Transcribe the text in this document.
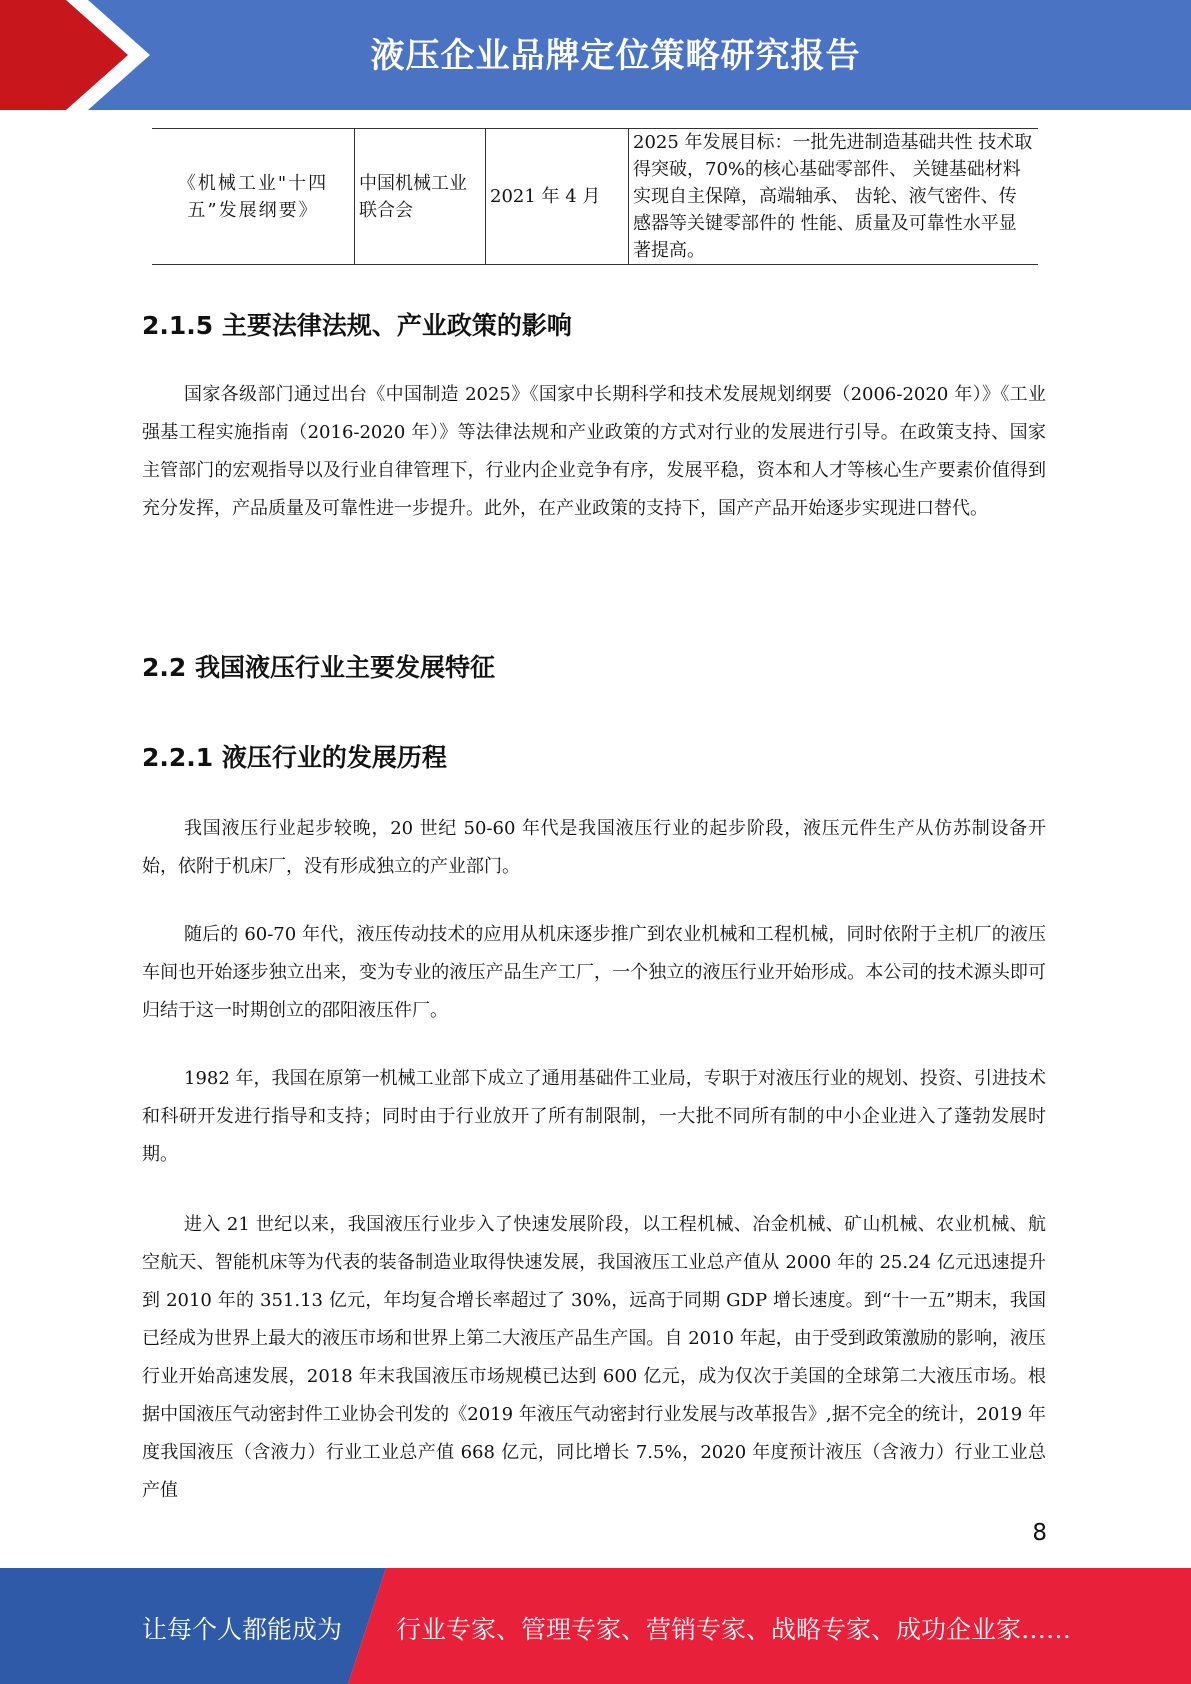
液压企业品牌定位策略研究报告
《机械工业"十四五”发展纲要》	中国机械工业联合会	2021 年 4 月	2025 年发展目标：一批先进制造基础共性 技术取得突破，70%的核心基础零部件、 关键基础材料实现自主保障，高端轴承、 齿轮、液气密件、传感器等关键零部件的 性能、质量及可靠性水平显著提高。
2.1.5 主要法律法规、产业政策的影响

国家各级部门通过出台《中国制造 2025》《国家中长期科学和技术发展规划纲要（2006-2020 年）》《工业强基工程实施指南（2016-2020 年）》等法律法规和产业政策的方式对行业的发展进行引导。在政策支持、国家主管部门的宏观指导以及行业自律管理下，行业内企业竞争有序，发展平稳，资本和人才等核心生产要素价值得到充分发挥，产品质量及可靠性进一步提升。此外，在产业政策的支持下，国产产品开始逐步实现进口替代。

2.2 我国液压行业主要发展特征
2.2.1 液压行业的发展历程

我国液压行业起步较晚，20 世纪 50-60 年代是我国液压行业的起步阶段，液压元件生产从仿苏制设备开始，依附于机床厂，没有形成独立的产业部门。

随后的 60-70 年代，液压传动技术的应用从机床逐步推广到农业机械和工程机械，同时依附于主机厂的液压车间也开始逐步独立出来，变为专业的液压产品生产工厂，一个独立的液压行业开始形成。本公司的技术源头即可归结于这一时期创立的邵阳液压件厂。

1982 年，我国在原第一机械工业部下成立了通用基础件工业局，专职于对液压行业的规划、投资、引进技术和科研开发进行指导和支持；同时由于行业放开了所有制限制，一大批不同所有制的中小企业进入了蓬勃发展时期。

进入 21 世纪以来，我国液压行业步入了快速发展阶段，以工程机械、冶金机械、矿山机械、农业机械、航空航天、智能机床等为代表的装备制造业取得快速发展，我国液压工业总产值从 2000 年的 25.24 亿元迅速提升到 2010 年的 351.13 亿元，年均复合增长率超过了 30%，远高于同期 GDP 增长速度。到“十一五”期末，我国已经成为世界上最大的液压市场和世界上第二大液压产品生产国。自 2010 年起，由于受到政策激励的影响，液压行业开始高速发展，2018 年末我国液压市场规模已达到 600 亿元，成为仅次于美国的全球第二大液压市场。根据中国液压气动密封件工业协会刊发的《2019 年液压气动密封行业发展与改革报告》,据不完全的统计，2019 年度我国液压（含液力）行业工业总产值 668 亿元，同比增长 7.5%，2020 年度预计液压（含液力）行业工业总产值

8
让每个人都能成为 行业专家、管理专家、营销专家、战略专家、成功企业家……
